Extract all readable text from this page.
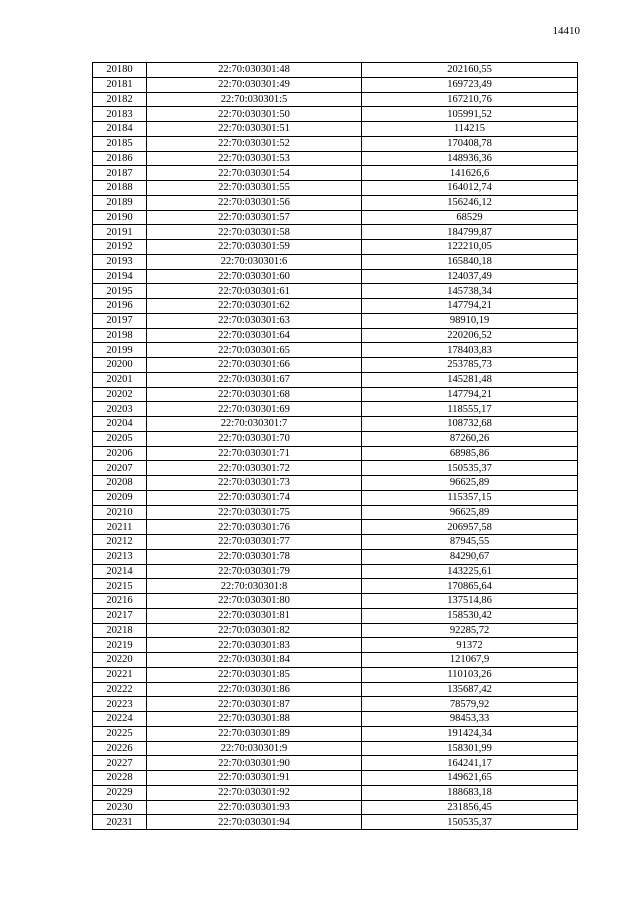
14410
20180	22:70:030301:48	202160,55
20181	22:70:030301:49	169723,49
20182	22:70:030301:5	167210,76
20183	22:70:030301:50	105991,52
20184	22:70:030301:51	114215
20185	22:70:030301:52	170408,78
20186	22:70:030301:53	148936,36
20187	22:70:030301:54	141626,6
20188	22:70:030301:55	164012,74
20189	22:70:030301:56	156246,12
20190	22:70:030301:57	68529
20191	22:70:030301:58	184799,87
20192	22:70:030301:59	122210,05
20193	22:70:030301:6	165840,18
20194	22:70:030301:60	124037,49
20195	22:70:030301:61	145738,34
20196	22:70:030301:62	147794,21
20197	22:70:030301:63	98910,19
20198	22:70:030301:64	220206,52
20199	22:70:030301:65	178403,83
20200	22:70:030301:66	253785,73
20201	22:70:030301:67	145281,48
20202	22:70:030301:68	147794,21
20203	22:70:030301:69	118555,17
20204	22:70:030301:7	108732,68
20205	22:70:030301:70	87260,26
20206	22:70:030301:71	68985,86
20207	22:70:030301:72	150535,37
20208	22:70:030301:73	96625,89
20209	22:70:030301:74	115357,15
20210	22:70:030301:75	96625,89
20211	22:70:030301:76	206957,58
20212	22:70:030301:77	87945,55
20213	22:70:030301:78	84290,67
20214	22:70:030301:79	143225,61
20215	22:70:030301:8	170865,64
20216	22:70:030301:80	137514,86
20217	22:70:030301:81	158530,42
20218	22:70:030301:82	92285,72
20219	22:70:030301:83	91372
20220	22:70:030301:84	121067,9
20221	22:70:030301:85	110103,26
20222	22:70:030301:86	135687,42
20223	22:70:030301:87	78579,92
20224	22:70:030301:88	98453,33
20225	22:70:030301:89	191424,34
20226	22:70:030301:9	158301,99
20227	22:70:030301:90	164241,17
20228	22:70:030301:91	149621,65
20229	22:70:030301:92	188683,18
20230	22:70:030301:93	231856,45
20231	22:70:030301:94	150535,37
